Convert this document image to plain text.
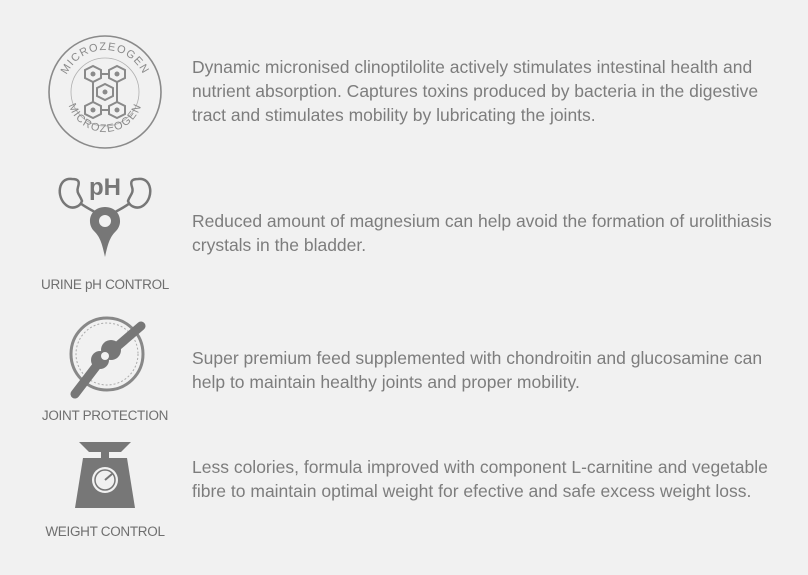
MICROZEOGEN
MICROZEOGEN

Dynamic micronised clinoptilolite actively stimulates intestinal health and nutrient absorption. Captures toxins produced by bacteria in the digestive tract and stimulates mobility by lubricating the joints.

pH
URINE pH CONTROL

Reduced amount of magnesium can help avoid the formation of urolithiasis crystals in the bladder.

JOINT PROTECTION

Super premium feed supplemented with chondroitin and glucosamine can help to maintain healthy joints and proper mobility.

WEIGHT CONTROL

Less colories, formula improved with component L-carnitine and vegetable fibre to maintain optimal weight for efective and safe excess weight loss.
